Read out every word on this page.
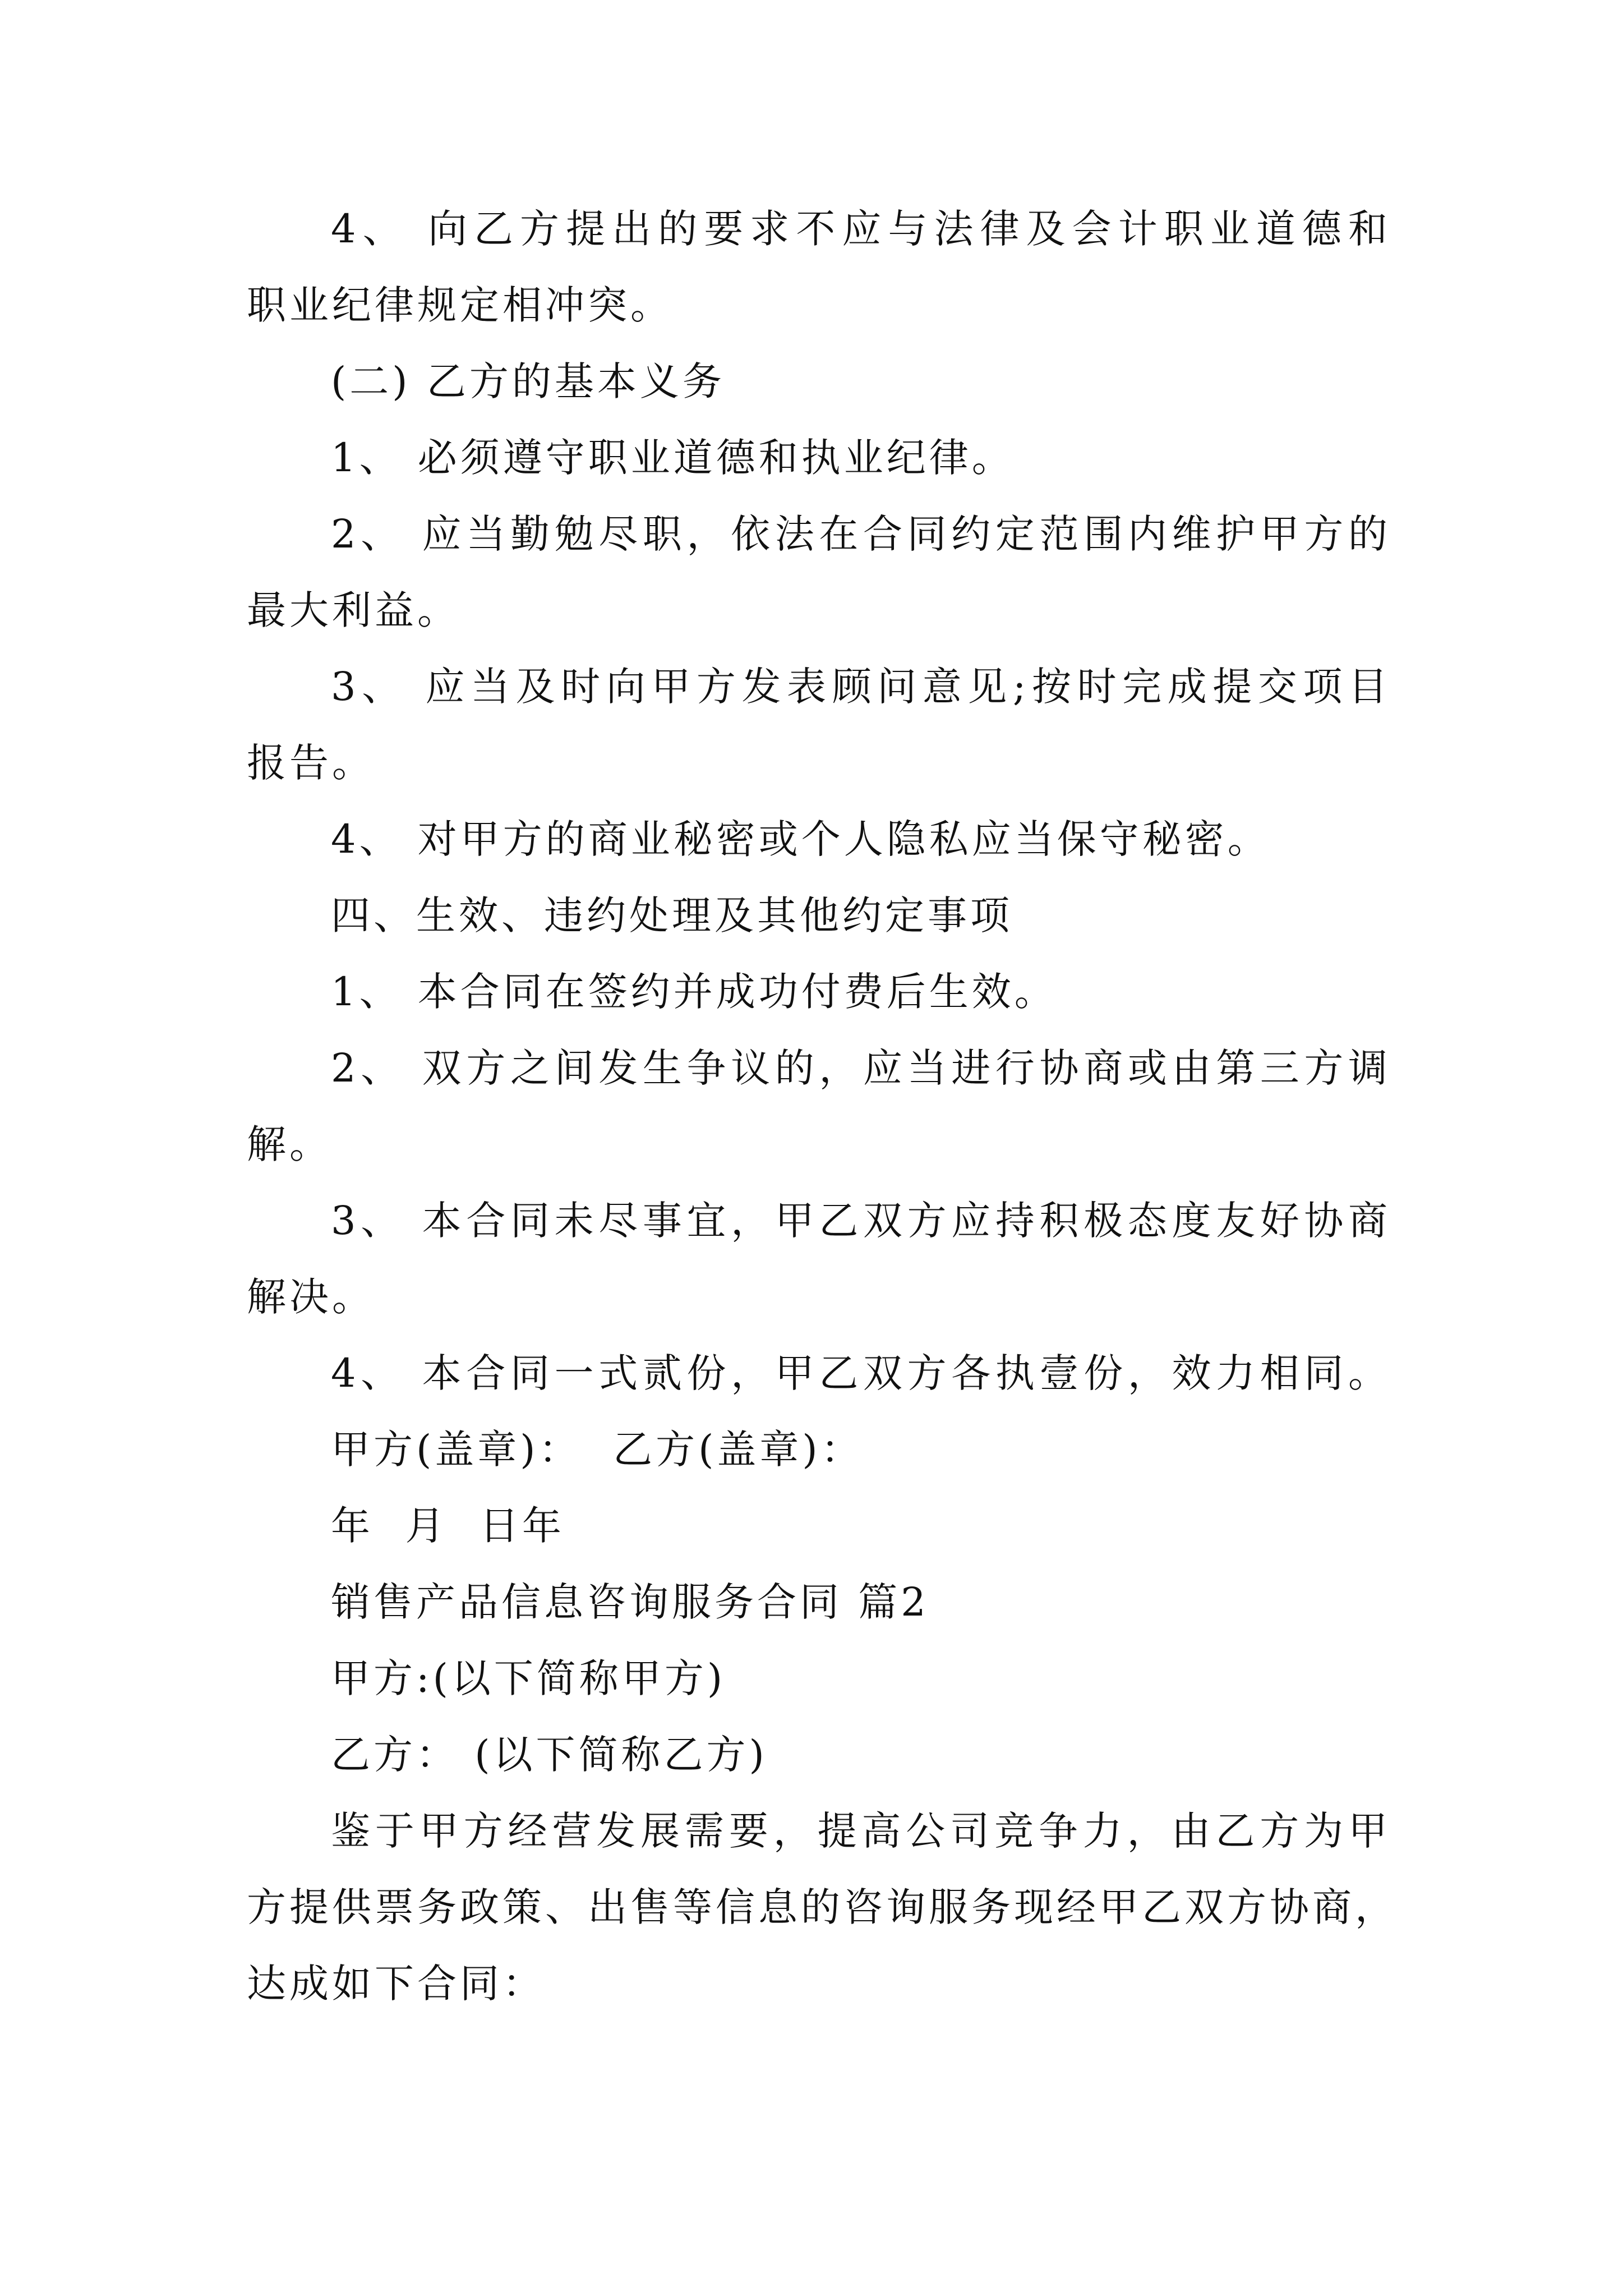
4、 向乙方提出的要求不应与法律及会计职业道德和
职业纪律规定相冲突。
(二) 乙方的基本义务
1、 必须遵守职业道德和执业纪律。
2、 应当勤勉尽职，依法在合同约定范围内维护甲方的
最大利益。
3、 应当及时向甲方发表顾问意见;按时完成提交项目
报告。
4、 对甲方的商业秘密或个人隐私应当保守秘密。
四、生效、违约处理及其他约定事项
1、 本合同在签约并成功付费后生效。
2、 双方之间发生争议的，应当进行协商或由第三方调
解。
3、 本合同未尽事宜，甲乙双方应持积极态度友好协商
解决。
4、 本合同一式贰份，甲乙双方各执壹份，效力相同。
甲方(盖章)：  乙方(盖章)：
年  月  日年
销售产品信息咨询服务合同 篇2
甲方:(以下简称甲方)
乙方： (以下简称乙方)
鉴于甲方经营发展需要，提高公司竞争力，由乙方为甲
方提供票务政策、出售等信息的咨询服务现经甲乙双方协商，
达成如下合同：
